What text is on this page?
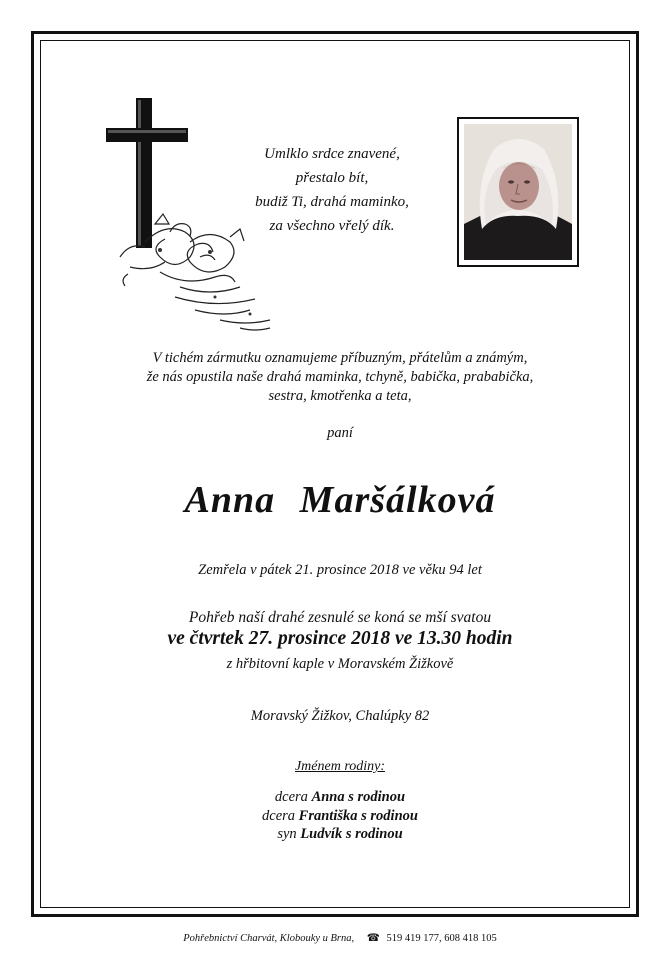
Umlklo srdce znavené,
přestalo bít,
budiž Ti, drahá maminko,
za všechno vřelý dík.
V tichém zármutku oznamujeme příbuzným, přátelům a známým,
že nás opustila naše drahá maminka, tchyně, babička, prababička,
sestra, kmotřenka a teta,
paní
Anna Maršálková
Zemřela v pátek 21. prosince 2018 ve věku 94 let
Pohřeb naší drahé zesnulé se koná se mší svatou
ve čtvrtek 27. prosince 2018 ve 13.30 hodin
z hřbitovní kaple v Moravském Žižkově
Moravský Žižkov, Chalúpky 82
Jménem rodiny:
dcera Anna s rodinou
dcera Františka s rodinou
syn Ludvík s rodinou
Pohřebnictví Charvát, Klobouky u Brna, ☎ 519 419 177, 608 418 105
